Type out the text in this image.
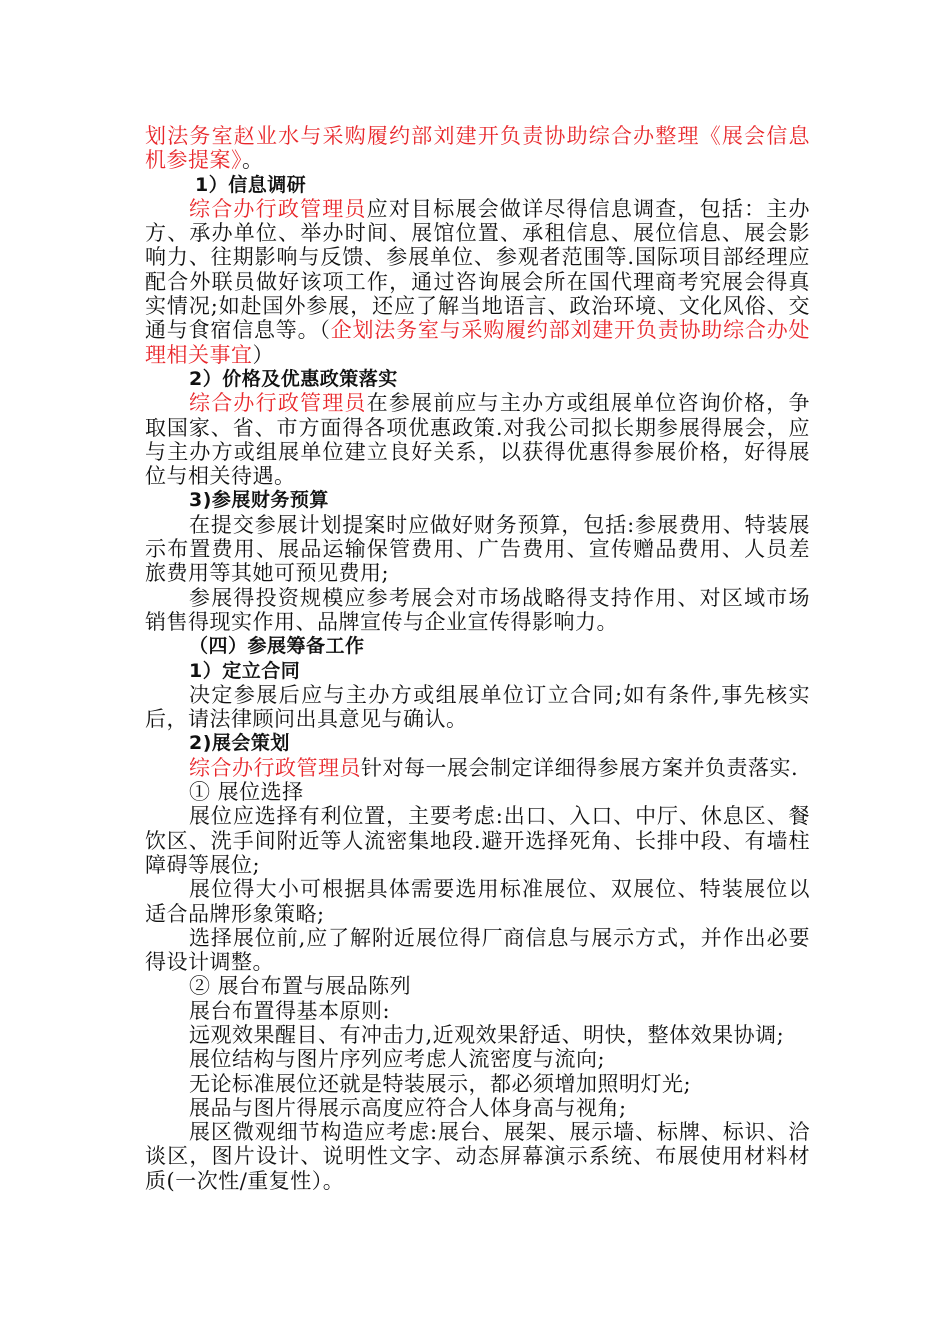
划法务室赵业水与采购履约部刘建开负责协助综合办整理《展会信息机参提案》。

1）信息调研

综合办行政管理员应对目标展会做详尽得信息调查，包括：主办方、承办单位、举办时间、展馆位置、承租信息、展位信息、展会影响力、往期影响与反馈、参展单位、参观者范围等.国际项目部经理应配合外联员做好该项工作，通过咨询展会所在国代理商考究展会得真实情况;如赴国外参展，还应了解当地语言、政治环境、文化风俗、交通与食宿信息等。（企划法务室与采购履约部刘建开负责协助综合办处理相关事宜）

2）价格及优惠政策落实

综合办行政管理员在参展前应与主办方或组展单位咨询价格，争取国家、省、市方面得各项优惠政策.对我公司拟长期参展得展会，应与主办方或组展单位建立良好关系，以获得优惠得参展价格，好得展位与相关待遇。

3)参展财务预算

在提交参展计划提案时应做好财务预算，包括:参展费用、特装展示布置费用、展品运输保管费用、广告费用、宣传赠品费用、人员差旅费用等其她可预见费用;

参展得投资规模应参考展会对市场战略得支持作用、对区域市场销售得现实作用、品牌宣传与企业宣传得影响力。

（四）参展筹备工作

1）定立合同

决定参展后应与主办方或组展单位订立合同;如有条件,事先核实后，请法律顾问出具意见与确认。

2)展会策划

综合办行政管理员针对每一展会制定详细得参展方案并负责落实.

① 展位选择

展位应选择有利位置，主要考虑:出口、入口、中厅、休息区、餐饮区、洗手间附近等人流密集地段.避开选择死角、长排中段、有墙柱障碍等展位;

展位得大小可根据具体需要选用标准展位、双展位、特装展位以适合品牌形象策略;

选择展位前,应了解附近展位得厂商信息与展示方式，并作出必要得设计调整。

② 展台布置与展品陈列

展台布置得基本原则:

远观效果醒目、有冲击力,近观效果舒适、明快，整体效果协调;

展位结构与图片序列应考虑人流密度与流向;

无论标准展位还就是特装展示，都必须增加照明灯光;

展品与图片得展示高度应符合人体身高与视角;

展区微观细节构造应考虑:展台、展架、展示墙、标牌、标识、洽谈区，图片设计、说明性文字、动态屏幕演示系统、布展使用材料材质(一次性/重复性）。
